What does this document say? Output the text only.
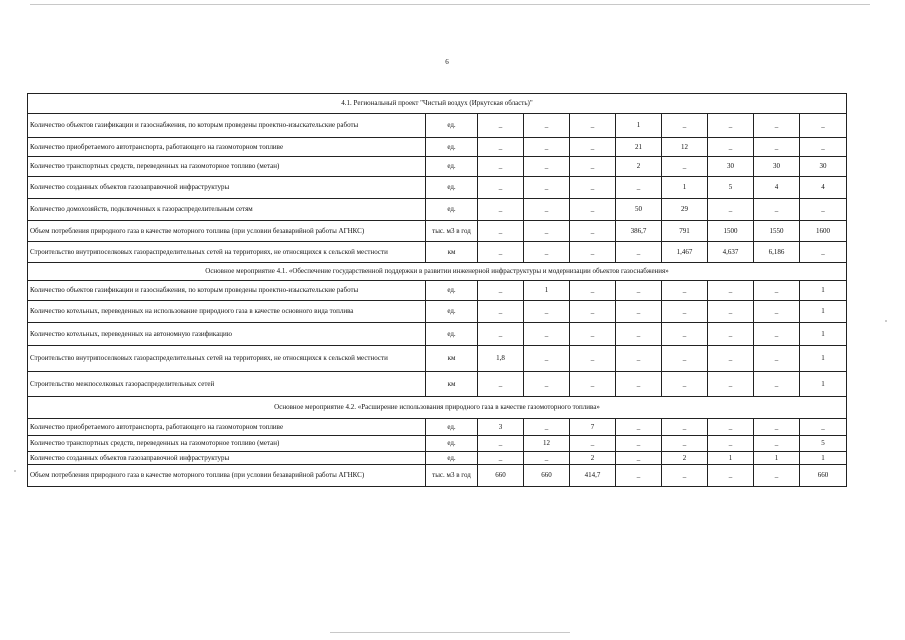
6
4.1. Региональный проект "Чистый воздух (Иркутская область)"									
Количество объектов газификации и газоснабжения, по которым проведены проектно-изыскательские работы	ед.	_	_	_	1	_	_	_	_
Количество приобретаемого автотранспорта, работающего на газомоторном топливе	ед.	_	_	_	21	12	_	_	_
Количество транспортных средств, переведенных на газомоторное топливо (метан)	ед.	_	_	_	2	_	30	30	30
Количество созданных объектов газозаправочной инфраструктуры	ед.	_	_	_	_	1	5	4	4
Количество домохозяйств, подключенных к газораспределительным сетям	ед.	_	_	_	50	29	_	_	_
Объем потребления природного газа в качестве моторного топлива (при условии безаварийной работы АГНКС)	тыс. м3 в год	_	_	_	386,7	791	1500	1550	1600
Строительство внутрипоселковых газораспределительных сетей на территориях, не относящихся к сельской местности	км	_	_	_	_	1,467	4,637	6,186	_
Основное мероприятие 4.1. «Обеспечение государственной поддержки в развитии инженерной инфраструктуры и модернизации объектов газоснабжения»									
Количество объектов газификации и газоснабжения, по которым проведены проектно-изыскательские работы	ед.	_	1	_	_	_	_	_	1
Количество котельных, переведенных на использование природного газа в качестве основного вида топлива	ед.	_	_	_	_	_	_	_	1
Количество котельных, переведенных на автономную газификацию	ед.	_	_	_	_	_	_	_	1
Строительство внутрипоселковых газораспределительных сетей на территориях, не относящихся к сельской местности	км	1,8	_	_	_	_	_	_	1
Строительство межпоселковых газораспределительных сетей	км	_	_	_	_	_	_	_	1
Основное мероприятие 4.2. «Расширение использования природного газа в качестве газомоторного топлива»									
Количество приобретаемого автотранспорта, работающего на газомоторном топливе	ед.	3	_	7	_	_	_	_	_
Количество транспортных средств, переведенных на газомоторное топливо (метан)	ед.	_	12	_	_	_	_	_	5
Количество созданных объектов газозаправочной инфраструктуры	ед.	_	_	2	_	2	1	1	1
Объем потребления природного газа в качестве моторного топлива (при условии безаварийной работы АГНКС)	тыс. м3 в год	660	660	414,7	_	_	_	_	660
